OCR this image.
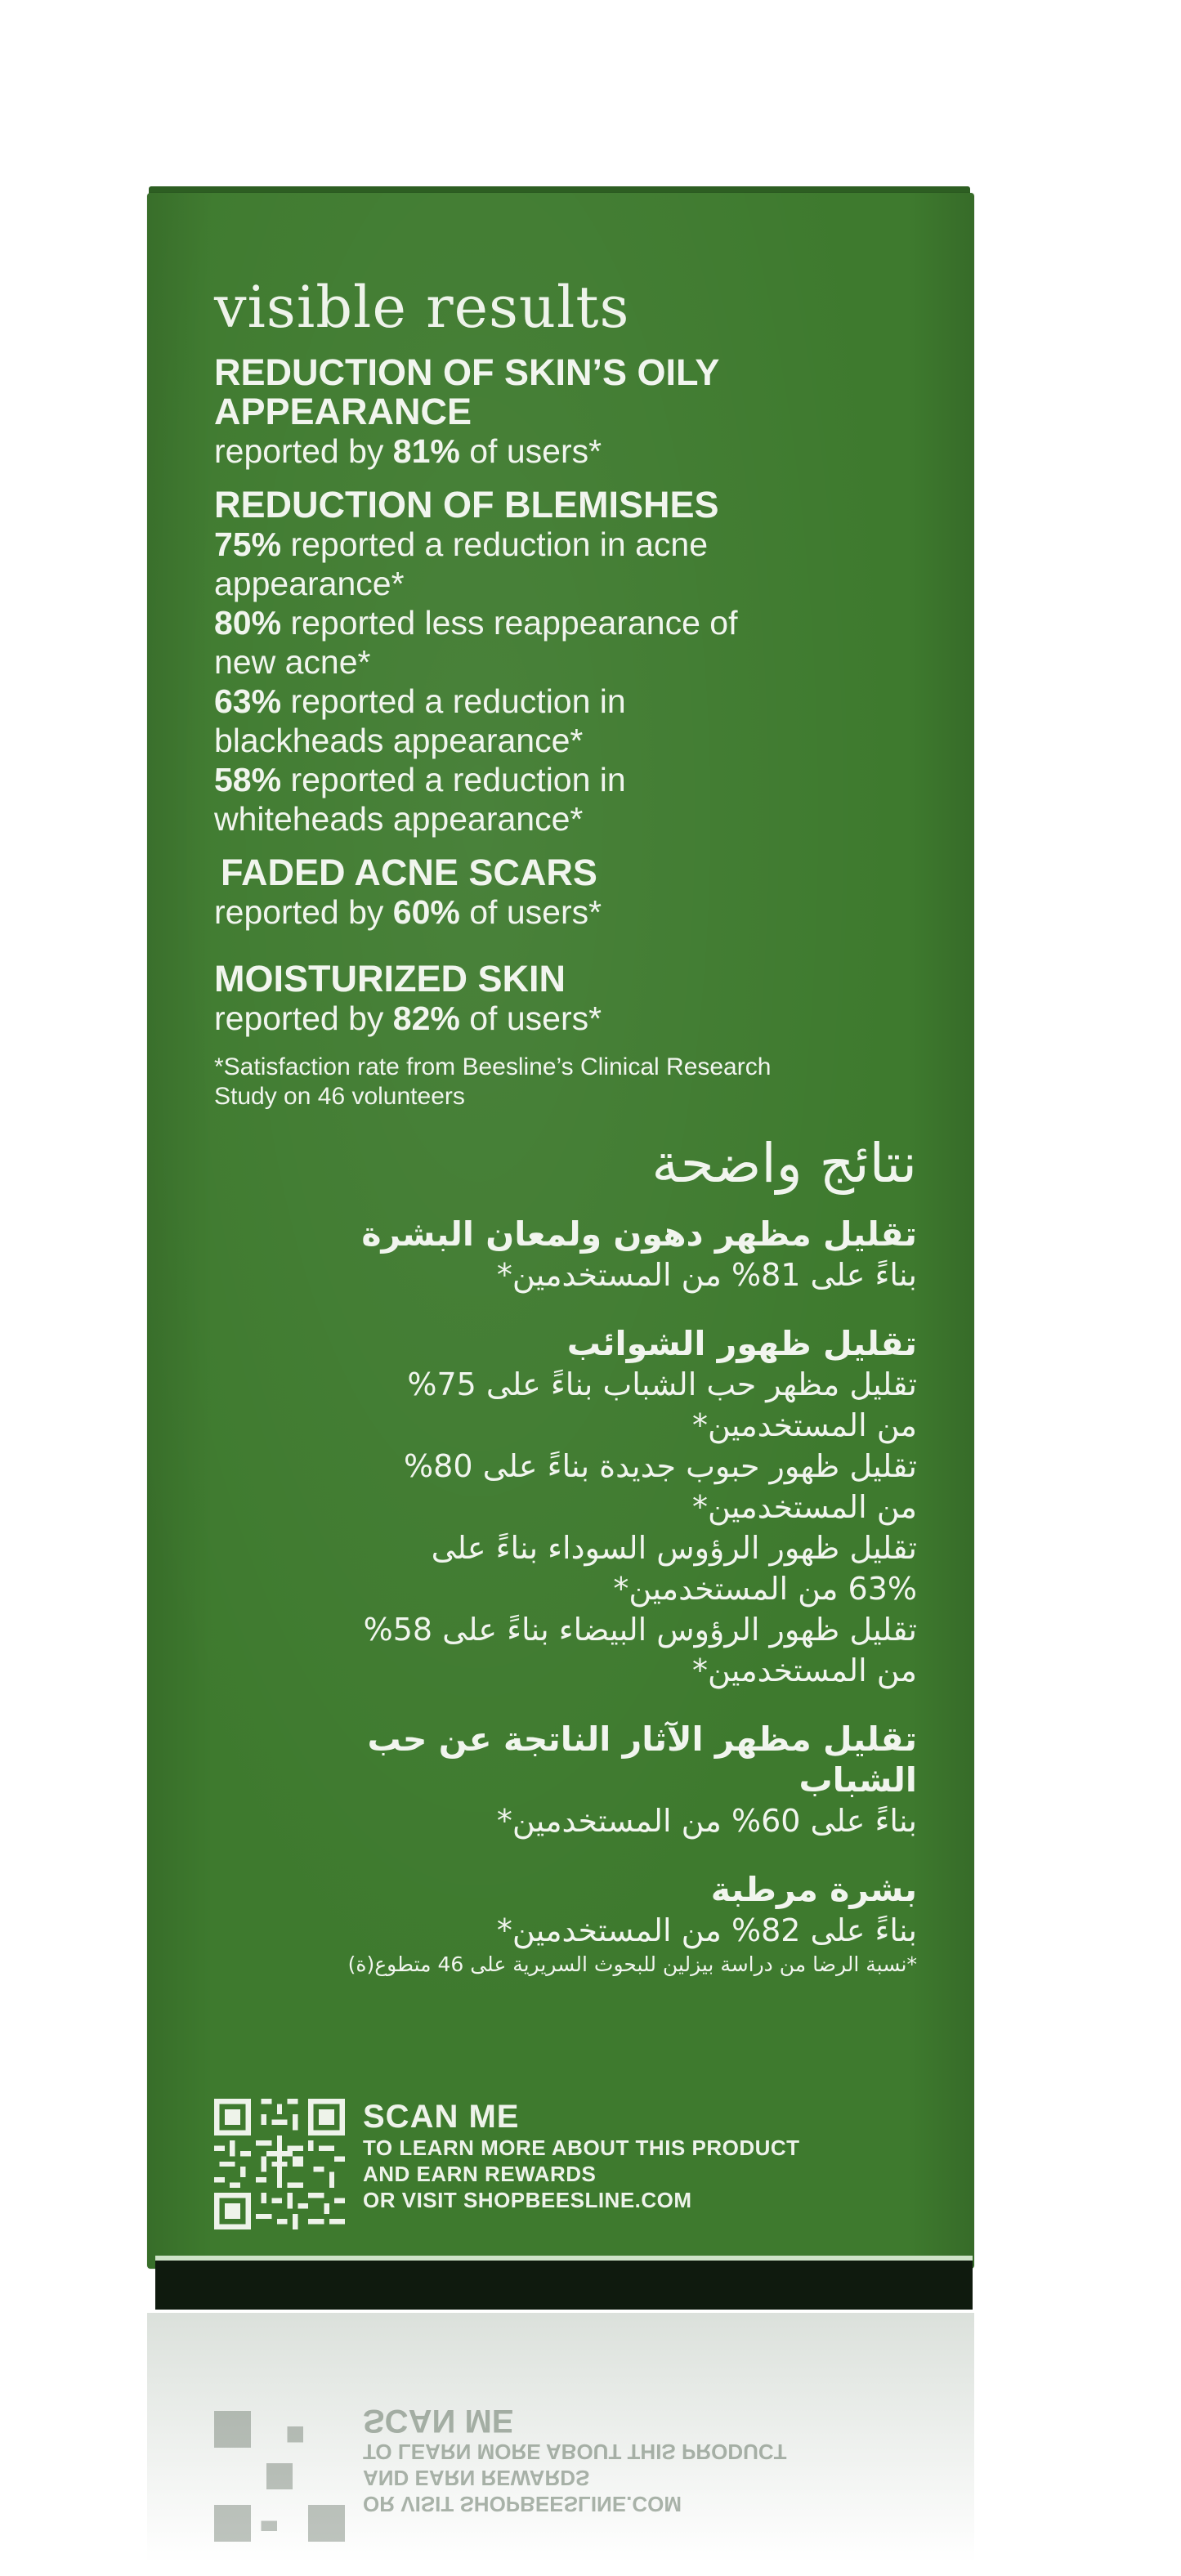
visible results

REDUCTION OF SKIN’S OILY

APPEARANCE

reported by 81% of users*

REDUCTION OF BLEMISHES

75% reported a reduction in acne

appearance*

80% reported less reappearance of

new acne*

63% reported a reduction in

blackheads appearance*

58% reported a reduction in

whiteheads appearance*

FADED ACNE SCARS

reported by 60% of users*

MOISTURIZED SKIN

reported by 82% of users*

*Satisfaction rate from Beesline’s Clinical Research

Study on 46 volunteers

نتائج واضحة

تقليل مظهر دهون ولمعان البشرة

بناءً على 81% من المستخدمين*

تقليل ظهور الشوائب

تقليل مظهر حب الشباب بناءً على 75%

من المستخدمين*

تقليل ظهور حبوب جديدة بناءً على 80%

من المستخدمين*

تقليل ظهور الرؤوس السوداء بناءً على

63% من المستخدمين*

تقليل ظهور الرؤوس البيضاء بناءً على 58%

من المستخدمين*

تقليل مظهر الآثار الناتجة عن حب

الشباب

بناءً على 60% من المستخدمين*

بشرة مرطبة

بناءً على 82% من المستخدمين*

*نسبة الرضا من دراسة بيزلين للبحوث السريرية على 46 متطوع(ة)

SCAN ME
TO LEARN MORE ABOUT THIS PRODUCT
AND EARN REWARDS
OR VISIT SHOPBEESLINE.COM
OR VISIT SHOPBEESLINE.COM
AND EARN REWARDS
TO LEARN MORE ABOUT THIS PRODUCT
SCAN ME
